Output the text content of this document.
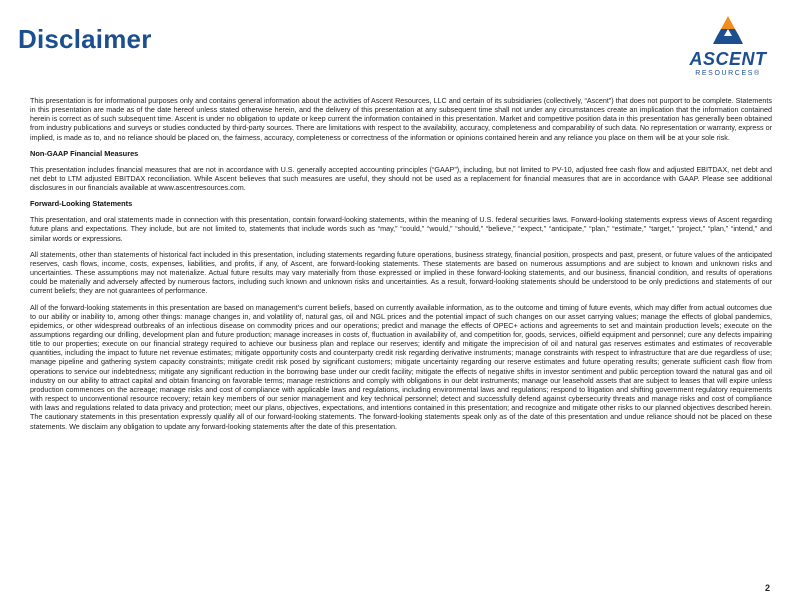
Disclaimer
ASCENT
RESOURCES®

This presentation is for informational purposes only and contains general information about the activities of Ascent Resources, LLC and certain of its subsidiaries (collectively, “Ascent”) that does not purport to be complete. Statements in this presentation are made as of the date hereof unless stated otherwise herein, and the delivery of this presentation at any subsequent time shall not under any circumstances create an implication that the information contained herein is correct as of such subsequent time. Ascent is under no obligation to update or keep current the information contained in this presentation. Market and competitive position data in this presentation has generally been obtained from industry publications and surveys or studies conducted by third-party sources. There are limitations with respect to the availability, accuracy, completeness and comparability of such data. No representation or warranty, express or implied, is made as to, and no reliance should be placed on, the fairness, accuracy, completeness or correctness of the information or opinions contained herein and any reliance you place on them will be at your sole risk.

Non-GAAP Financial Measures

This presentation includes financial measures that are not in accordance with U.S. generally accepted accounting principles (“GAAP”), including, but not limited to PV-10, adjusted free cash flow and adjusted EBITDAX, net debt and net debt to LTM adjusted EBITDAX reconciliation. While Ascent believes that such measures are useful, they should not be used as a replacement for financial measures that are in accordance with GAAP. Please see additional disclosures in our financials available at www.ascentresources.com.

Forward-Looking Statements

This presentation, and oral statements made in connection with this presentation, contain forward-looking statements, within the meaning of U.S. federal securities laws. Forward-looking statements express views of Ascent regarding future plans and expectations. They include, but are not limited to, statements that include words such as “may,” “could,” “would,” “should,” “believe,” “expect,” “anticipate,” “plan,” “estimate,” “target,” “project,” “plan,” “intend,” and similar words or expressions.

All statements, other than statements of historical fact included in this presentation, including statements regarding future operations, business strategy, financial position, prospects and past, present, or future values of the anticipated reserves, cash flows, income, costs, expenses, liabilities, and profits, if any, of Ascent, are forward-looking statements. These statements are based on numerous assumptions and are subject to known and unknown risks and uncertainties. These assumptions may not materialize. Actual future results may vary materially from those expressed or implied in these forward-looking statements, and our business, financial condition, and results of operations could be materially and adversely affected by numerous factors, including such known and unknown risks and uncertainties. As a result, forward-looking statements should be understood to be only predictions and statements of our current beliefs; they are not guarantees of performance.

All of the forward-looking statements in this presentation are based on management’s current beliefs, based on currently available information, as to the outcome and timing of future events, which may differ from actual outcomes due to our ability or inability to, among other things: manage changes in, and volatility of, natural gas, oil and NGL prices and the potential impact of such changes on our asset carrying values; manage the effects of global pandemics, epidemics, or other widespread outbreaks of an infectious disease on commodity prices and our operations; predict and manage the effects of OPEC+ actions and agreements to set and maintain production levels; execute on the assumptions regarding our drilling, development plan and future production; manage increases in costs of, fluctuation in availability of, and competition for, goods, services, oilfield equipment and personnel; cure any defects impairing title to our properties; execute on our financial strategy required to achieve our business plan and replace our reserves; identify and mitigate the imprecision of oil and natural gas reserves estimates and estimates of recoverable quantities, including the impact to future net revenue estimates; mitigate opportunity costs and counterparty credit risk regarding derivative instruments; manage constraints with respect to infrastructure that are due regardless of use; manage pipeline and gathering system capacity constraints; mitigate credit risk posed by significant customers; mitigate uncertainty regarding our reserve estimates and future operating results; generate sufficient cash flow from operations to service our indebtedness; mitigate any significant reduction in the borrowing base under our credit facility; mitigate the effects of negative shifts in investor sentiment and public perception toward the natural gas and oil industry on our ability to attract capital and obtain financing on favorable terms; manage restrictions and comply with obligations in our debt instruments; manage our leasehold assets that are subject to leases that will expire unless production commences on the acreage; manage risks and cost of compliance with applicable laws and regulations, including environmental laws and regulations; respond to litigation and shifting government regulatory requirements with respect to unconventional resource recovery; retain key members of our senior management and key technical personnel; detect and successfully defend against cybersecurity threats and manage risks and cost of compliance with laws and regulations related to data privacy and protection; meet our plans, objectives, expectations, and intentions contained in this presentation; and recognize and mitigate other risks to our planned objectives described herein. The cautionary statements in this presentation expressly qualify all of our forward-looking statements. The forward-looking statements speak only as of the date of this presentation and undue reliance should not be placed on these statements. We disclaim any obligation to update any forward-looking statements after the date of this presentation.

2
